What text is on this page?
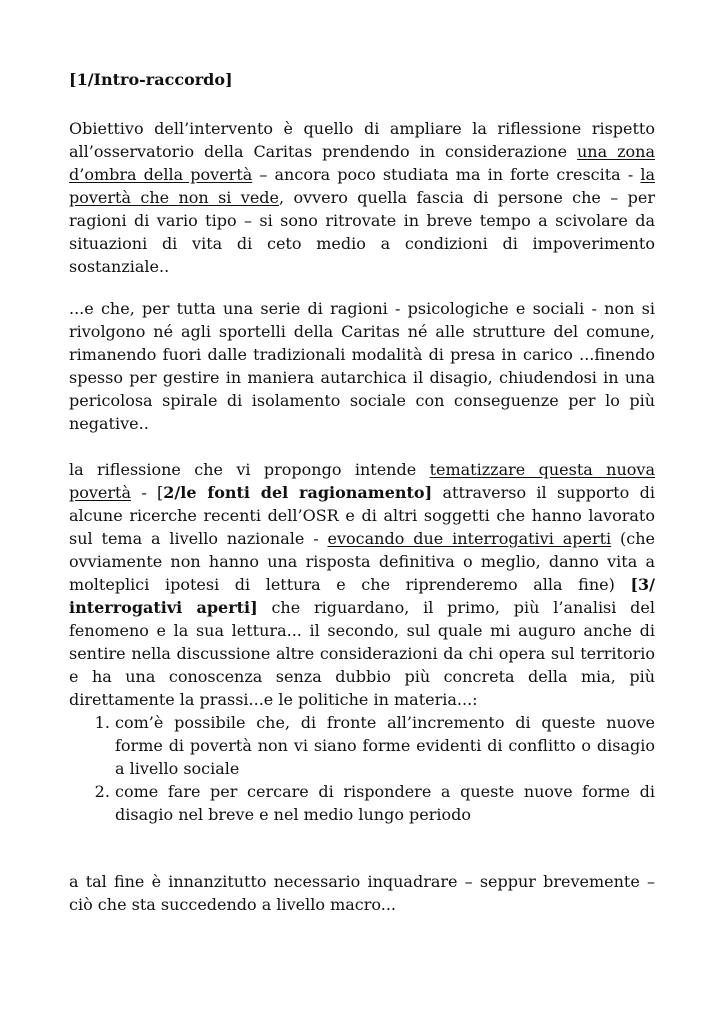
[1/Intro-raccordo]
Obiettivo dell’intervento è quello di ampliare la riflessione rispetto all’osservatorio della Caritas prendendo in considerazione una zona d’ombra della povertà – ancora poco studiata ma in forte crescita - la povertà che non si vede, ovvero quella fascia di persone che – per ragioni di vario tipo – si sono ritrovate in breve tempo a scivolare da situazioni di vita di ceto medio a condizioni di impoverimento sostanziale..
...e che, per tutta una serie di ragioni - psicologiche e sociali - non si rivolgono né agli sportelli della Caritas né alle strutture del comune, rimanendo fuori dalle tradizionali modalità di presa in carico ...finendo spesso per gestire in maniera autarchica il disagio, chiudendosi in una pericolosa spirale di isolamento sociale con conseguenze per lo più negative..
la riflessione che vi propongo intende tematizzare questa nuova povertà - [2/le fonti del ragionamento] attraverso il supporto di alcune ricerche recenti dell’OSR e di altri soggetti che hanno lavorato sul tema a livello nazionale - evocando due interrogativi aperti (che ovviamente non hanno una risposta definitiva o meglio, danno vita a molteplici ipotesi di lettura e che riprenderemo alla fine) [3/ interrogativi aperti] che riguardano, il primo, più l’analisi del fenomeno e la sua lettura... il secondo, sul quale mi auguro anche di sentire nella discussione altre considerazioni da chi opera sul territorio e ha una conoscenza senza dubbio più concreta della mia, più direttamente la prassi...e le politiche in materia...:
1. com’è possibile che, di fronte all’incremento di queste nuove forme di povertà non vi siano forme evidenti di conflitto o disagio a livello sociale
2. come fare per cercare di rispondere a queste nuove forme di disagio nel breve e nel medio lungo periodo
a tal fine è innanzitutto necessario inquadrare – seppur brevemente – ciò che sta succedendo a livello macro...
